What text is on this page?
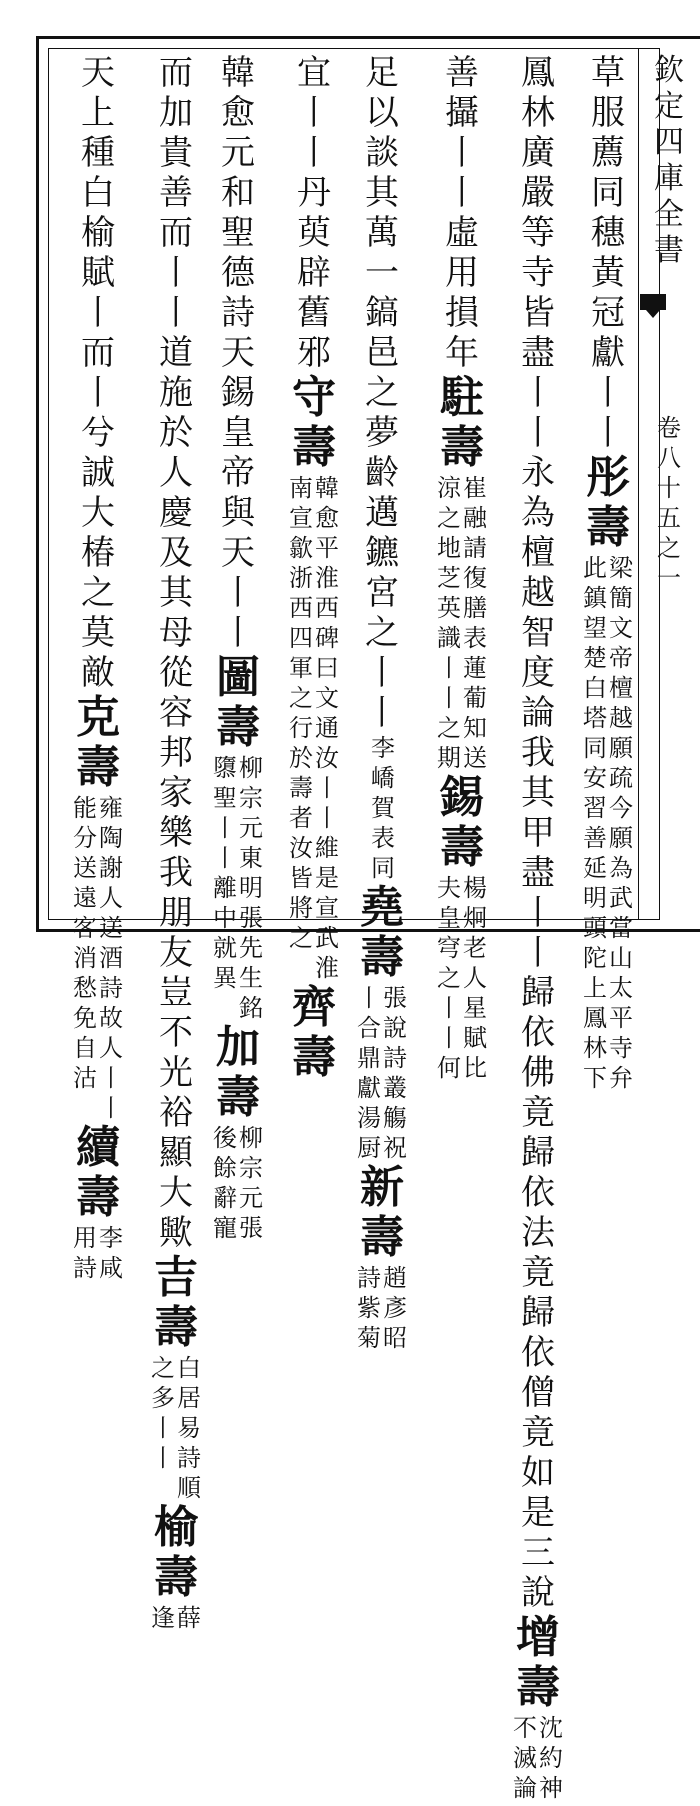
欽
定
四
庫
全
書
卷
八
十
五
之
一
草
服
薦
同
穗
黃
冠
獻
丨
丨
彤
壽
梁
簡
文
帝
檀
越
願
疏
今
願
為
武
當
山
太
平
寺
弁
此
鎮
望
楚
白
塔
同
安
習
善
延
明
頭
陀
上
鳳
林
下
鳳
林
廣
嚴
等
寺
皆
盡
丨
丨
永
為
檀
越
智
度
論
我
其
甲
盡
丨
丨
歸
依
佛
竟
歸
依
法
竟
歸
依
僧
竟
如
是
三
說
增
壽
沈
約
神
不
滅
論
善
攝
丨
丨
虛
用
損
年
駐
壽
崔
融
請
復
膳
表
蓮
葡
知
送
涼
之
地
芝
英
識
丨
丨
之
期
錫
壽
楊
炯
老
人
星
賦
比
夫
皇
穹
之
丨
丨
何
足
以
談
其
萬
一
鎬
邑
之
夢
齡
邁
鑣
宮
之
丨
丨
李
嶠
賀
表
同
堯
壽
張
說
詩
叢
觴
祝
丨
合
鼎
獻
湯
厨
新
壽
趙
彥
昭
詩
紫
菊
宜
丨
丨
丹
萸
辟
舊
邪
守
壽
韓
愈
平
淮
西
碑
曰
文
通
汝
丨
丨
維
是
宣
武
淮
南
宣
歙
浙
西
四
軍
之
行
於
壽
者
汝
皆
將
之
齊
壽
韓
愈
元
和
聖
德
詩
天
錫
皇
帝
與
天
丨
丨
圖
壽
柳
宗
元
東
明
張
先
生
銘
隳
聖
丨
丨
離
中
就
異
加
壽
柳
宗
元
張
後
餘
辭
寵
而
加
貴
善
而
丨
丨
道
施
於
人
慶
及
其
母
從
容
邦
家
樂
我
朋
友
豈
不
光
裕
顯
大
歟
吉
壽
白
居
易
詩
順
之
多
丨
丨
榆
壽
薛
逢
天
上
種
白
榆
賦
丨
而
丨
兮
誠
大
椿
之
莫
敵
克
壽
雍
陶
謝
人
送
酒
詩
故
人
丨
丨
能
分
送
遠
客
消
愁
免
自
沽
續
壽
李
咸
用
詩
